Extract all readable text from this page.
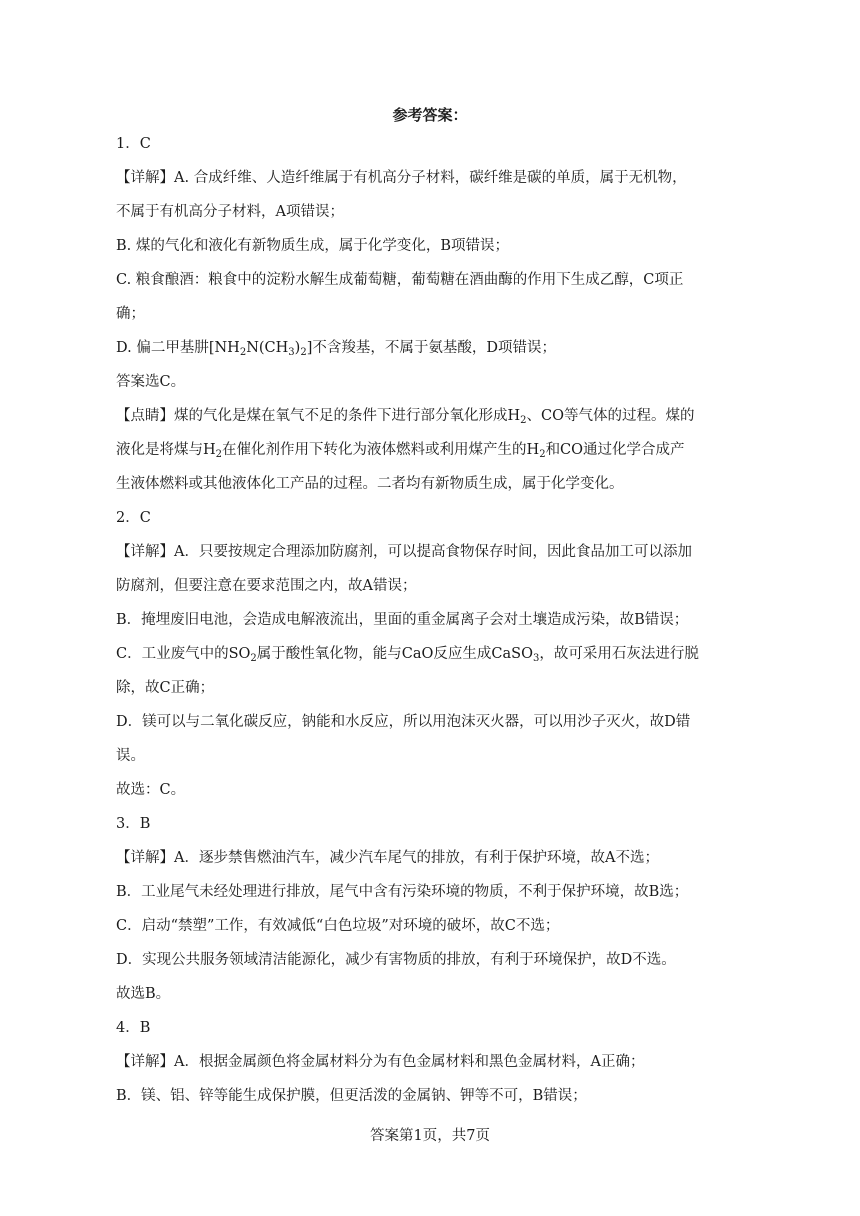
参考答案：
1．C
【详解】A. 合成纤维、人造纤维属于有机高分子材料，碳纤维是碳的单质，属于无机物，
不属于有机高分子材料，A项错误；
B. 煤的气化和液化有新物质生成，属于化学变化，B项错误；
C. 粮食酿酒：粮食中的淀粉水解生成葡萄糖，葡萄糖在酒曲酶的作用下生成乙醇，C项正
确；
D. 偏二甲基肼$[NH_2N(CH_3)_2]$不含羧基，不属于氨基酸，D项错误；
答案选C。
【点睛】煤的气化是煤在氧气不足的条件下进行部分氧化形成$H_2$、CO等气体的过程。煤的
液化是将煤与$H_2$在催化剂作用下转化为液体燃料或利用煤产生的$H_2$和CO通过化学合成产
生液体燃料或其他液体化工产品的过程。二者均有新物质生成，属于化学变化。
2．C
【详解】A．只要按规定合理添加防腐剂，可以提高食物保存时间，因此食品加工可以添加
防腐剂，但要注意在要求范围之内，故A错误；
B．掩埋废旧电池，会造成电解液流出，里面的重金属离子会对土壤造成污染，故B错误；
C．工业废气中的$SO_2$属于酸性氧化物，能与CaO反应生成CaSO$_3$，故可采用石灰法进行脱
除，故C正确；
D．镁可以与二氧化碳反应，钠能和水反应，所以用泡沫灭火器，可以用沙子灭火，故D错
误。
故选：C。
3．B
【详解】A．逐步禁售燃油汽车，减少汽车尾气的排放，有利于保护环境，故A不选；
B．工业尾气未经处理进行排放，尾气中含有污染环境的物质，不利于保护环境，故B选；
C．启动“禁塑”工作，有效减低“白色垃圾”对环境的破坏，故C不选；
D．实现公共服务领域清洁能源化，减少有害物质的排放，有利于环境保护，故D不选。
故选B。
4．B
【详解】A．根据金属颜色将金属材料分为有色金属材料和黑色金属材料，A正确；
B．镁、铝、锌等能生成保护膜，但更活泼的金属钠、钾等不可，B错误；
答案第1页，共7页
